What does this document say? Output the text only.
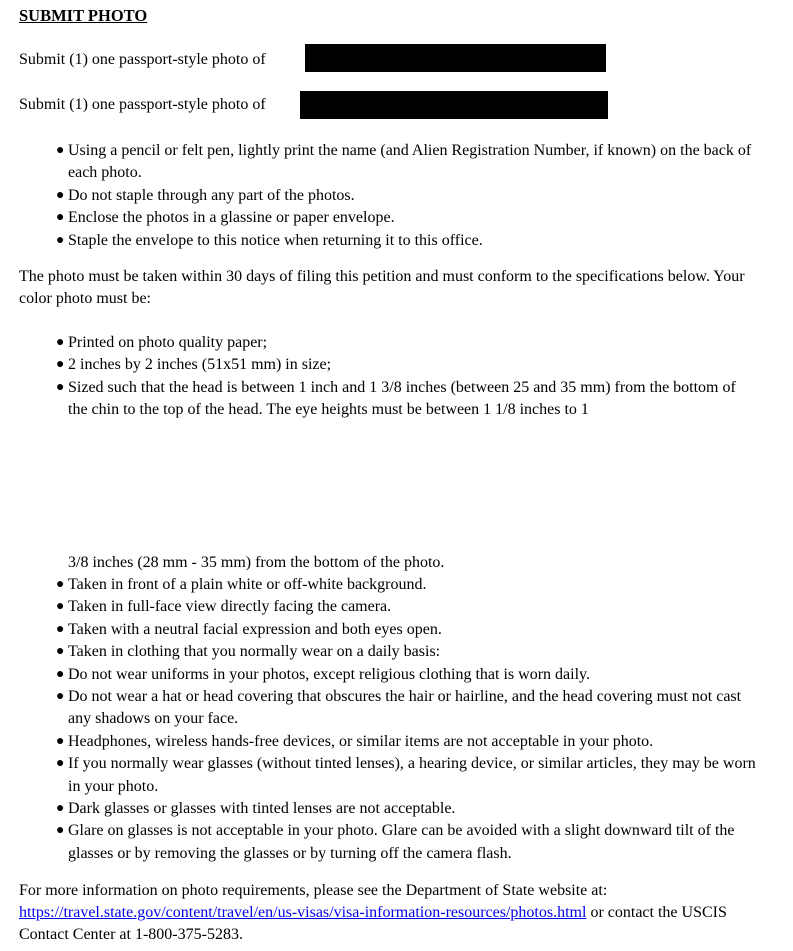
SUBMIT PHOTO
Submit (1) one passport-style photo of
Submit (1) one passport-style photo of
● Using a pencil or felt pen, lightly print the name (and Alien Registration Number, if known) on the back of each photo.
● Do not staple through any part of the photos.
● Enclose the photos in a glassine or paper envelope.
● Staple the envelope to this notice when returning it to this office.
The photo must be taken within 30 days of filing this petition and must conform to the specifications below. Your color photo must be:
● Printed on photo quality paper;
● 2 inches by 2 inches (51x51 mm) in size;
● Sized such that the head is between 1 inch and 1 3/8 inches (between 25 and 35 mm) from the bottom of the chin to the top of the head. The eye heights must be between 1 1/8 inches to 1
3/8 inches (28 mm - 35 mm) from the bottom of the photo.
● Taken in front of a plain white or off-white background.
● Taken in full-face view directly facing the camera.
● Taken with a neutral facial expression and both eyes open.
● Taken in clothing that you normally wear on a daily basis:
● Do not wear uniforms in your photos, except religious clothing that is worn daily.
● Do not wear a hat or head covering that obscures the hair or hairline, and the head covering must not cast any shadows on your face.
● Headphones, wireless hands-free devices, or similar items are not acceptable in your photo.
● If you normally wear glasses (without tinted lenses), a hearing device, or similar articles, they may be worn in your photo.
● Dark glasses or glasses with tinted lenses are not acceptable.
● Glare on glasses is not acceptable in your photo. Glare can be avoided with a slight downward tilt of the glasses or by removing the glasses or by turning off the camera flash.
For more information on photo requirements, please see the Department of State website at:
https://travel.state.gov/content/travel/en/us-visas/visa-information-resources/photos.html or contact the USCIS Contact Center at 1-800-375-5283.
